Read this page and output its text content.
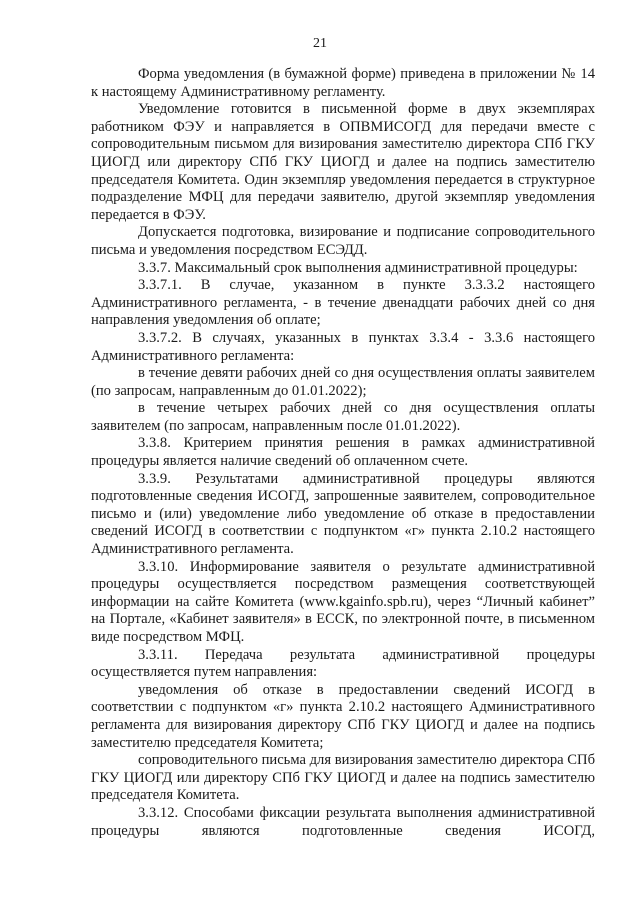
21

Форма уведомления (в бумажной форме) приведена в приложении № 14 к настоящему Административному регламенту.

Уведомление готовится в письменной форме в двух экземплярах работником ФЭУ и направляется в ОПВМИСОГД для передачи вместе с сопроводительным письмом для визирования заместителю директора СПб ГКУ ЦИОГД или директору СПб ГКУ ЦИОГД и далее на подпись заместителю председателя Комитета. Один экземпляр уведомления передается в структурное подразделение МФЦ для передачи заявителю, другой экземпляр уведомления передается в ФЭУ.

Допускается подготовка, визирование и подписание сопроводительного письма и уведомления посредством ЕСЭДД.

3.3.7. Максимальный срок выполнения административной процедуры:

3.3.7.1. В случае, указанном в пункте 3.3.3.2 настоящего Административного регламента, - в течение двенадцати рабочих дней со дня направления уведомления об оплате;

3.3.7.2. В случаях, указанных в пунктах 3.3.4 - 3.3.6 настоящего Административного регламента:

в течение девяти рабочих дней со дня осуществления оплаты заявителем (по запросам, направленным до 01.01.2022);

в течение четырех рабочих дней со дня осуществления оплаты заявителем (по запросам, направленным после 01.01.2022).

3.3.8. Критерием принятия решения в рамках административной процедуры является наличие сведений об оплаченном счете.

3.3.9. Результатами административной процедуры являются подготовленные сведения ИСОГД, запрошенные заявителем, сопроводительное письмо и (или) уведомление либо уведомление об отказе в предоставлении сведений ИСОГД в соответствии с подпунктом «г» пункта 2.10.2 настоящего Административного регламента.

3.3.10. Информирование заявителя о результате административной процедуры осуществляется посредством размещения соответствующей информации на сайте Комитета (www.kgainfo.spb.ru), через “Личный кабинет” на Портале, «Кабинет заявителя» в ЕССК, по электронной почте, в письменном виде посредством МФЦ.

3.3.11. Передача результата административной процедуры осуществляется путем направления:

уведомления об отказе в предоставлении сведений ИСОГД в соответствии с подпунктом «г» пункта 2.10.2 настоящего Административного регламента для визирования директору СПб ГКУ ЦИОГД и далее на подпись заместителю председателя Комитета;

сопроводительного письма для визирования заместителю директора СПб ГКУ ЦИОГД или директору СПб ГКУ ЦИОГД и далее на подпись заместителю председателя Комитета.

3.3.12. Способами фиксации результата выполнения административной процедуры являются подготовленные сведения ИСОГД,
